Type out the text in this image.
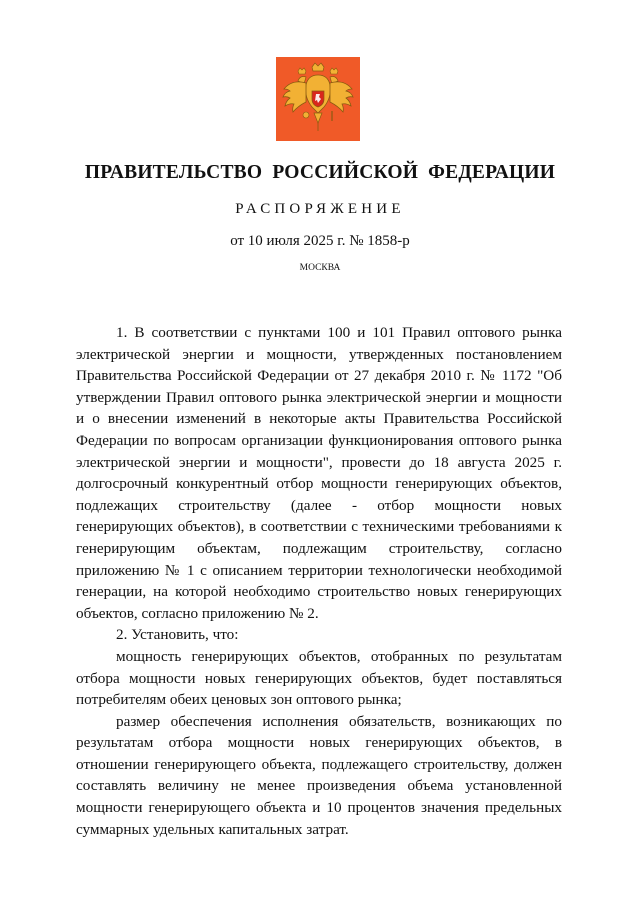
ПРАВИТЕЛЬСТВО РОССИЙСКОЙ ФЕДЕРАЦИИ
РАСПОРЯЖЕНИЕ
от 10 июля 2025 г. № 1858-р
МОСКВА

1. В соответствии с пунктами 100 и 101 Правил оптового рынка электрической энергии и мощности, утвержденных постановлением Правительства Российской Федерации от 27 декабря 2010 г. № 1172 "Об утверждении Правил оптового рынка электрической энергии и мощности и о внесении изменений в некоторые акты Правительства Российской Федерации по вопросам организации функционирования оптового рынка электрической энергии и мощности", провести до 18 августа 2025 г. долгосрочный конкурентный отбор мощности генерирующих объектов, подлежащих строительству (далее - отбор мощности новых генерирующих объектов), в соответствии с техническими требованиями к генерирующим объектам, подлежащим строительству, согласно приложению № 1 с описанием территории технологически необходимой генерации, на которой необходимо строительство новых генерирующих объектов, согласно приложению № 2.

2. Установить, что:

мощность генерирующих объектов, отобранных по результатам отбора мощности новых генерирующих объектов, будет поставляться потребителям обеих ценовых зон оптового рынка;

размер обеспечения исполнения обязательств, возникающих по результатам отбора мощности новых генерирующих объектов, в отношении генерирующего объекта, подлежащего строительству, должен составлять величину не менее произведения объема установленной мощности генерирующего объекта и 10 процентов значения предельных суммарных удельных капитальных затрат.
